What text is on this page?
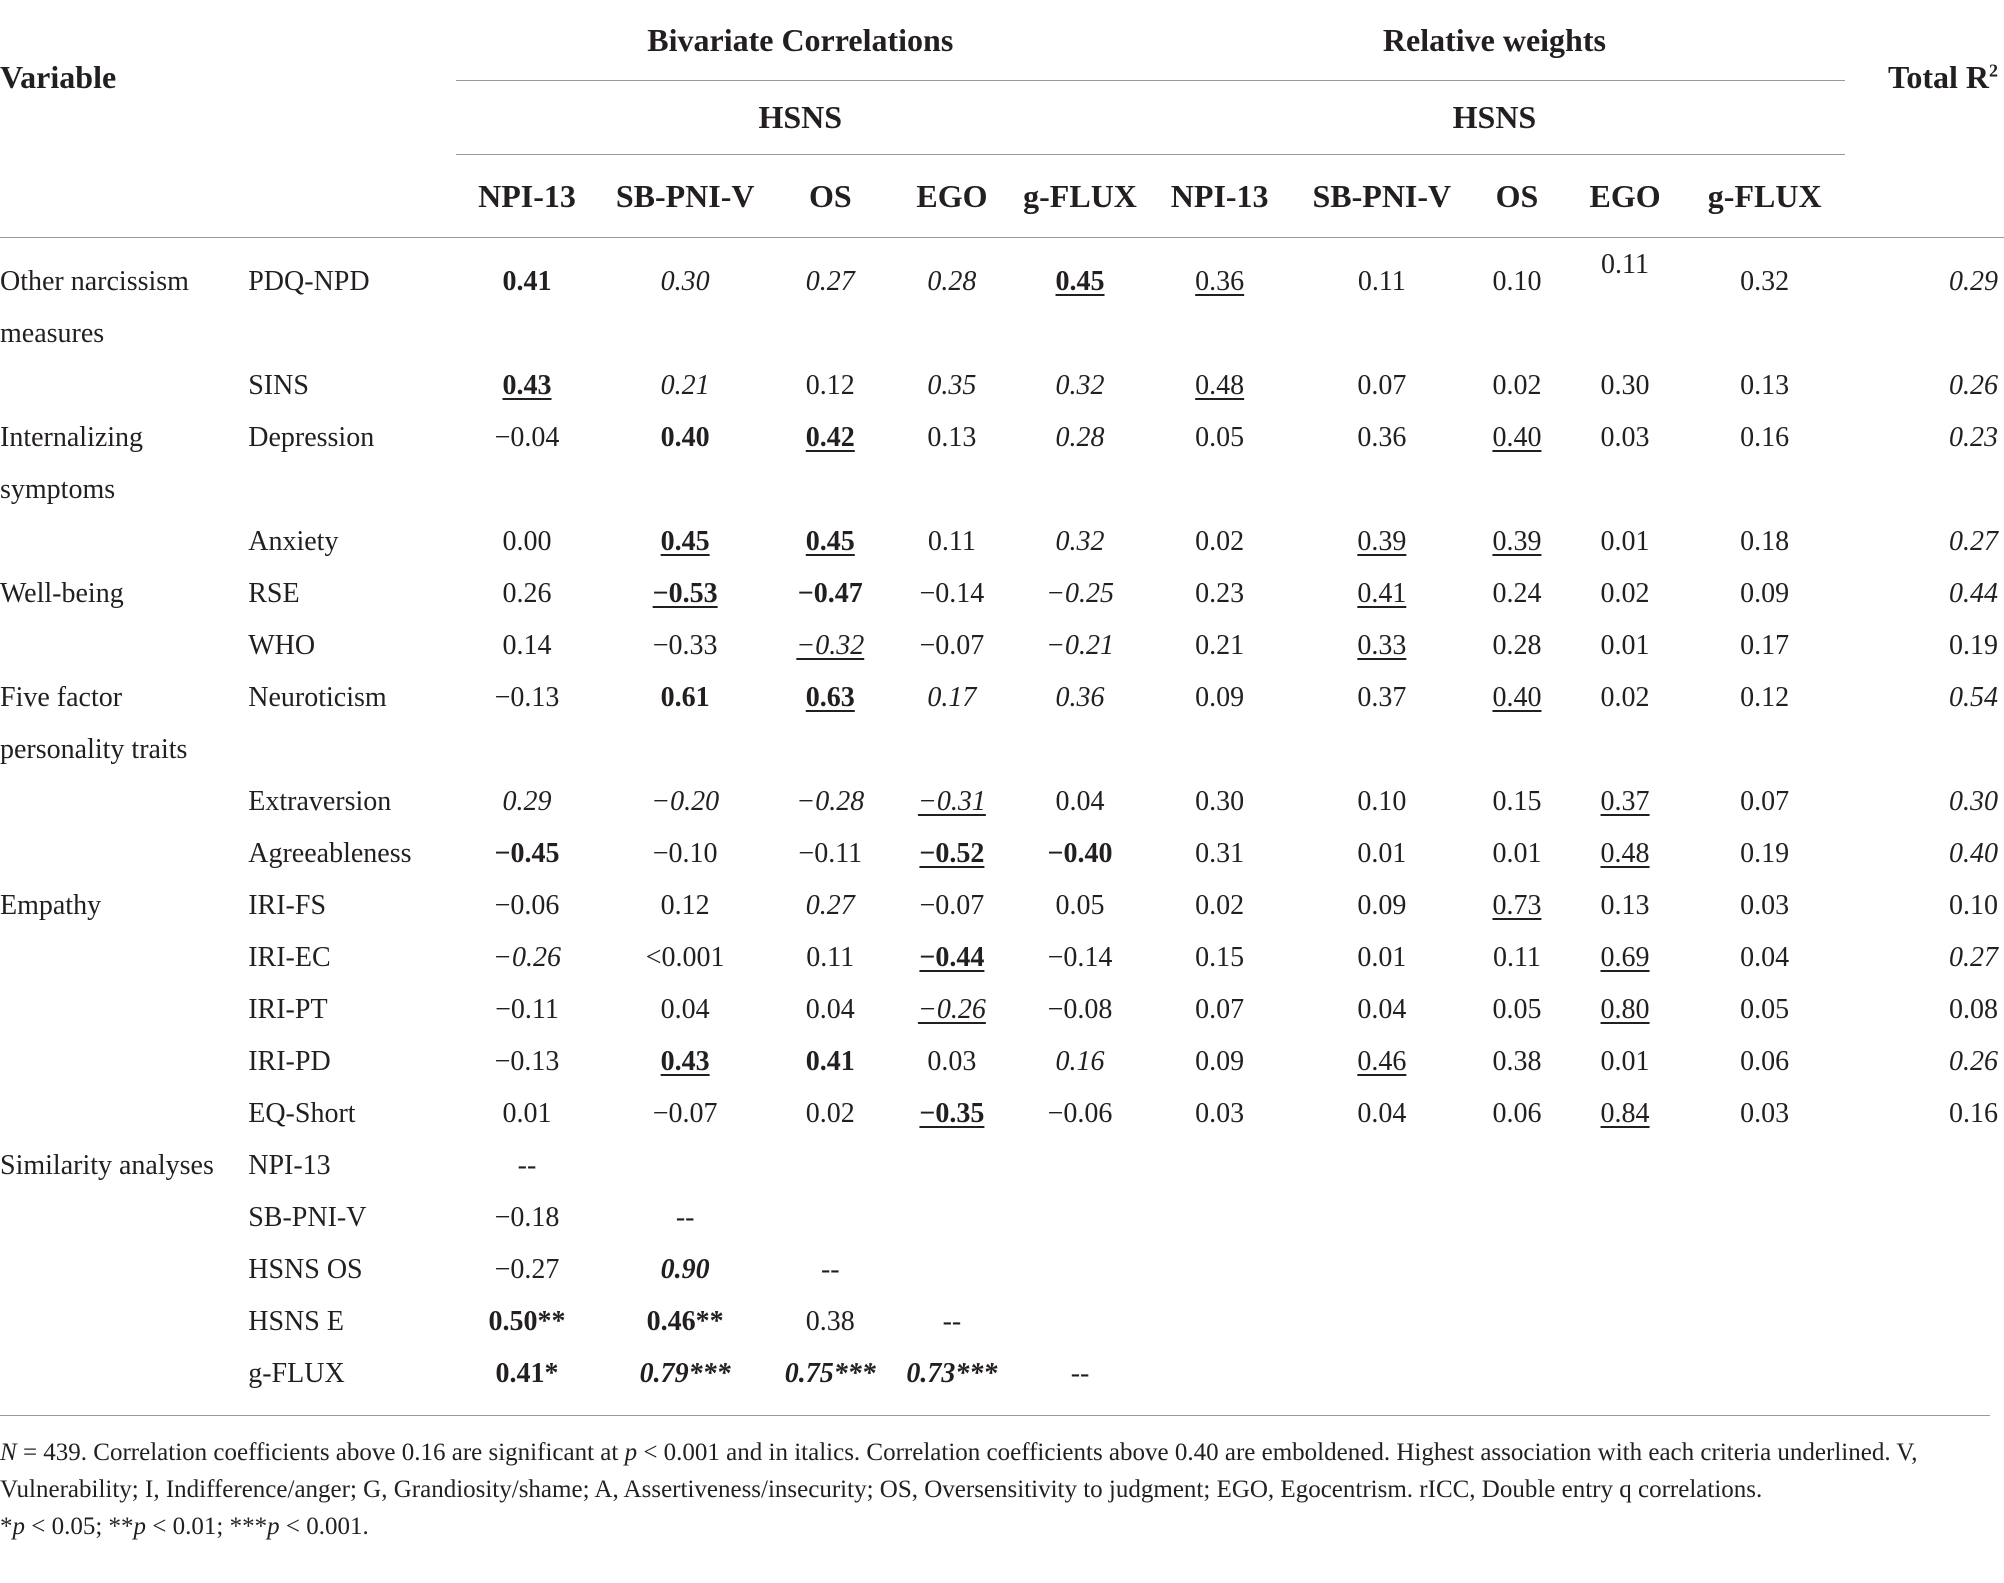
Variable		Bivariate Correlations					Relative weights					Total $R^2$
		HSNS					HSNS					
		NPI-13	SB-PNI-V	OS	EGO	g-FLUX	NPI-13	SB-PNI-V	OS	EGO	g-FLUX	

Other narcissism measures	PDQ-NPD	0.41	0.30	0.27	0.28	0.45	0.36	0.11	0.10	0.11	0.32	0.29
	SINS	0.43	0.21	0.12	0.35	0.32	0.48	0.07	0.02	0.30	0.13	0.26

Internalizing symptoms	Depression	−0.04	0.40	0.42	0.13	0.28	0.05	0.36	0.40	0.03	0.16	0.23
	Anxiety	0.00	0.45	0.45	0.11	0.32	0.02	0.39	0.39	0.01	0.18	0.27

Well-being	RSE	0.26	−0.53	−0.47	−0.14	−0.25	0.23	0.41	0.24	0.02	0.09	0.44
	WHO	0.14	−0.33	−0.32	−0.07	−0.21	0.21	0.33	0.28	0.01	0.17	0.19

Five factor personality traits	Neuroticism	−0.13	0.61	0.63	0.17	0.36	0.09	0.37	0.40	0.02	0.12	0.54
	Extraversion	0.29	−0.20	−0.28	−0.31	0.04	0.30	0.10	0.15	0.37	0.07	0.30
	Agreeableness	−0.45	−0.10	−0.11	−0.52	−0.40	0.31	0.01	0.01	0.48	0.19	0.40

Empathy	IRI-FS	−0.06	0.12	0.27	−0.07	0.05	0.02	0.09	0.73	0.13	0.03	0.10
	IRI-EC	−0.26	<0.001	0.11	−0.44	−0.14	0.15	0.01	0.11	0.69	0.04	0.27
	IRI-PT	−0.11	0.04	0.04	−0.26	−0.08	0.07	0.04	0.05	0.80	0.05	0.08
	IRI-PD	−0.13	0.43	0.41	0.03	0.16	0.09	0.46	0.38	0.01	0.06	0.26
	EQ-Short	0.01	−0.07	0.02	−0.35	−0.06	0.03	0.04	0.06	0.84	0.03	0.16

Similarity analyses	NPI-13	--										
	SB-PNI-V	−0.18	--									
	HSNS OS	−0.27	0.90	--								
	HSNS E	0.50**	0.46**	0.38	--							
	g-FLUX	0.41*	0.79***	0.75***	0.73***	--						

N = 439. Correlation coefficients above 0.16 are significant at p < 0.001 and in italics. Correlation coefficients above 0.40 are emboldened. Highest association with each criteria underlined. V, Vulnerability; I, Indifference/anger; G, Grandiosity/shame; A, Assertiveness/insecurity; OS, Oversensitivity to judgment; EGO, Egocentrism. rICC, Double entry q correlations.

*p < 0.05; **p < 0.01; ***p < 0.001.
